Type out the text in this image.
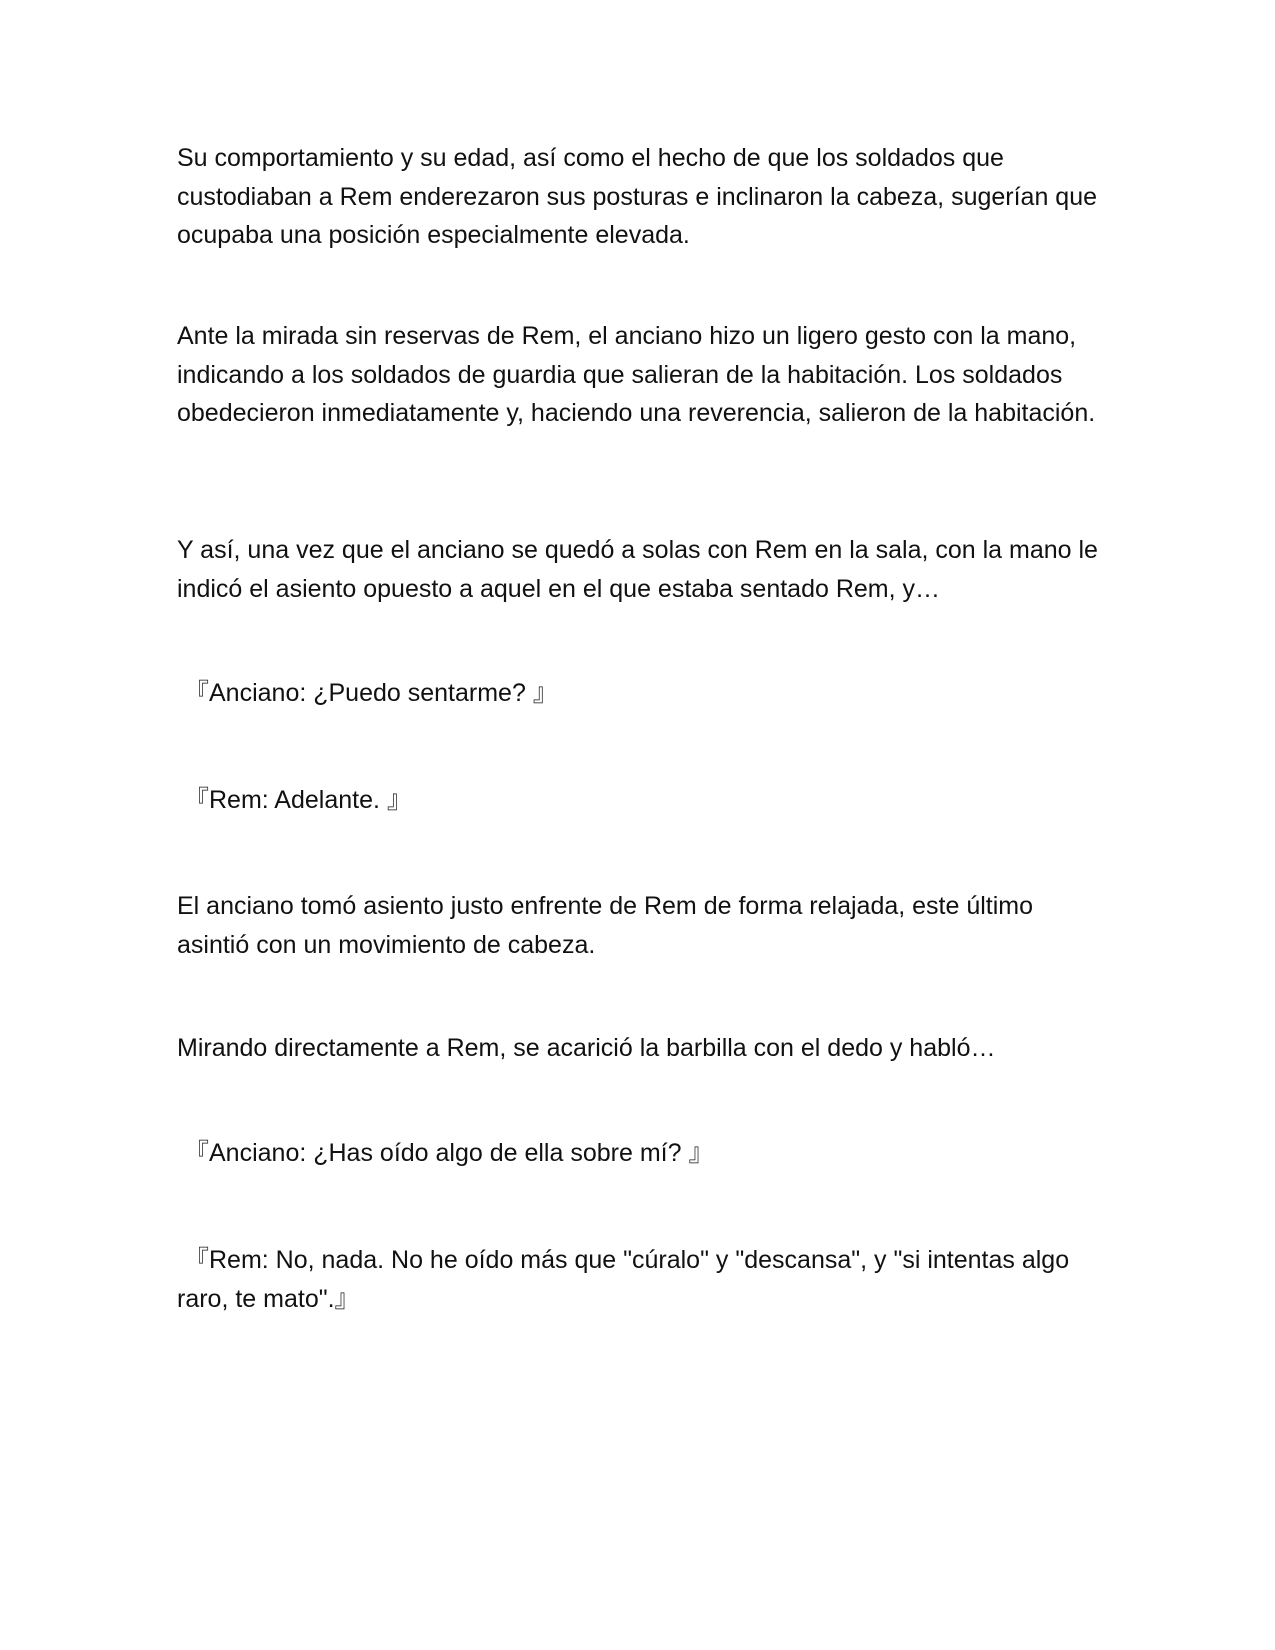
Su comportamiento y su edad, así como el hecho de que los soldados que custodiaban a Rem enderezaron sus posturas e inclinaron la cabeza, sugerían que ocupaba una posición especialmente elevada.

Ante la mirada sin reservas de Rem, el anciano hizo un ligero gesto con la mano, indicando a los soldados de guardia que salieran de la habitación. Los soldados obedecieron inmediatamente y, haciendo una reverencia, salieron de la habitación.

Y así, una vez que el anciano se quedó a solas con Rem en la sala, con la mano le indicó el asiento opuesto a aquel en el que estaba sentado Rem, y…

『Anciano: ¿Puedo sentarme? 』

『Rem: Adelante. 』

El anciano tomó asiento justo enfrente de Rem de forma relajada, este último asintió con un movimiento de cabeza.

Mirando directamente a Rem, se acarició la barbilla con el dedo y habló…

『Anciano: ¿Has oído algo de ella sobre mí? 』

『Rem: No, nada. No he oído más que "cúralo" y "descansa", y "si intentas algo raro, te mato".』
